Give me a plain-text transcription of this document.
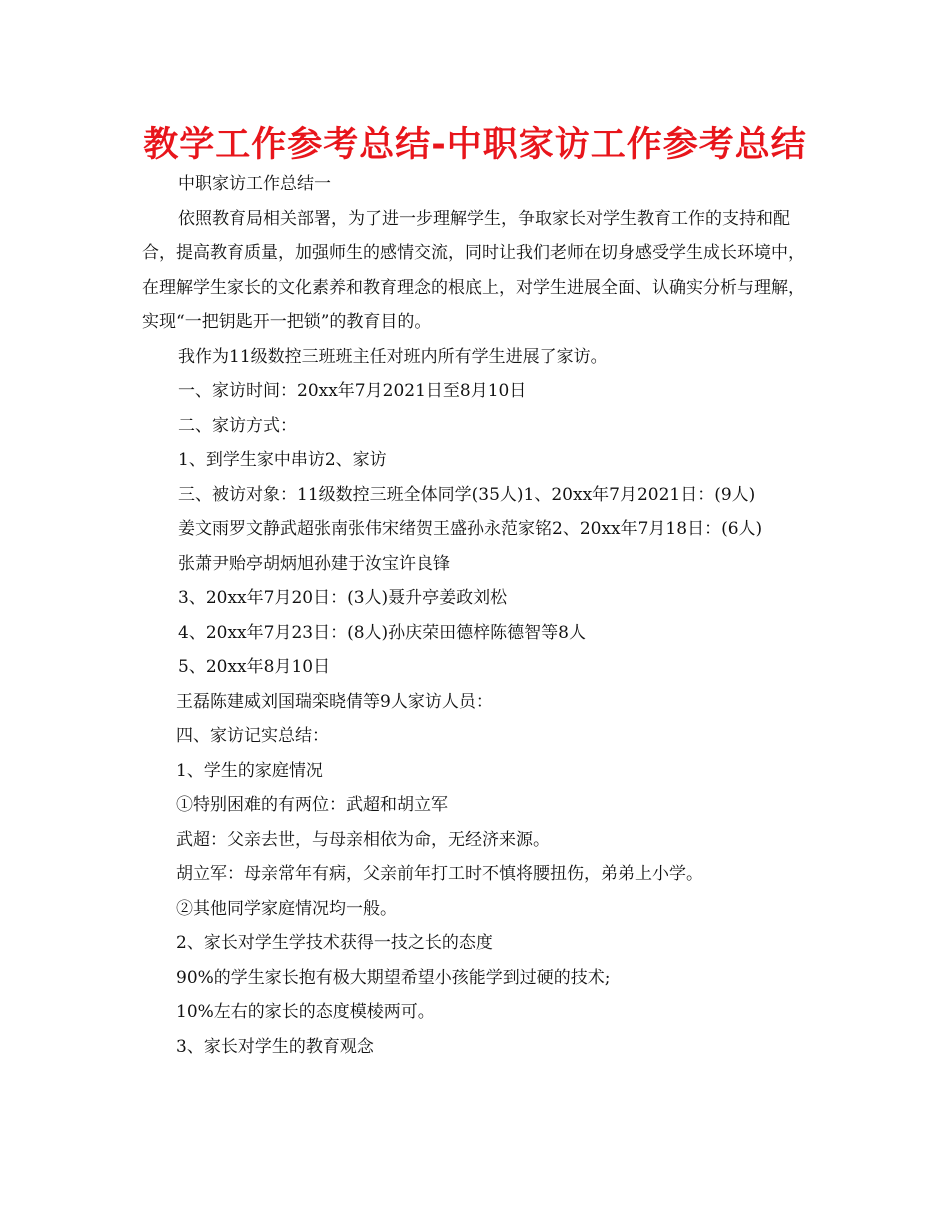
教学工作参考总结-中职家访工作参考总结

中职家访工作总结一

依照教育局相关部署，为了进一步理解学生，争取家长对学生教育工作的支持和配合，提高教育质量，加强师生的感情交流，同时让我们老师在切身感受学生成长环境中，在理解学生家长的文化素养和教育理念的根底上，对学生进展全面、认确实分析与理解，实现“一把钥匙开一把锁”的教育目的。

我作为11级数控三班班主任对班内所有学生进展了家访。

一、家访时间：20xx年7月2021日至8月10日

二、家访方式：

1、到学生家中串访2、家访

三、被访对象：11级数控三班全体同学(35人)1、20xx年7月2021日：(9人)

姜文雨罗文静武超张南张伟宋绪贺王盛孙永范家铭2、20xx年7月18日：(6人)

张萧尹贻亭胡炳旭孙建于汝宝许良锋

3、20xx年7月20日：(3人)聂升亭姜政刘松

4、20xx年7月23日：(8人)孙庆荣田德梓陈德智等8人

5、20xx年8月10日

王磊陈建威刘国瑞栾晓倩等9人家访人员：

四、家访记实总结：

1、学生的家庭情况

①特别困难的有两位：武超和胡立军

武超：父亲去世，与母亲相依为命，无经济来源。

胡立军：母亲常年有病，父亲前年打工时不慎将腰扭伤，弟弟上小学。

②其他同学家庭情况均一般。

2、家长对学生学技术获得一技之长的态度

90%的学生家长抱有极大期望希望小孩能学到过硬的技术;

10%左右的家长的态度模棱两可。

3、家长对学生的教育观念
